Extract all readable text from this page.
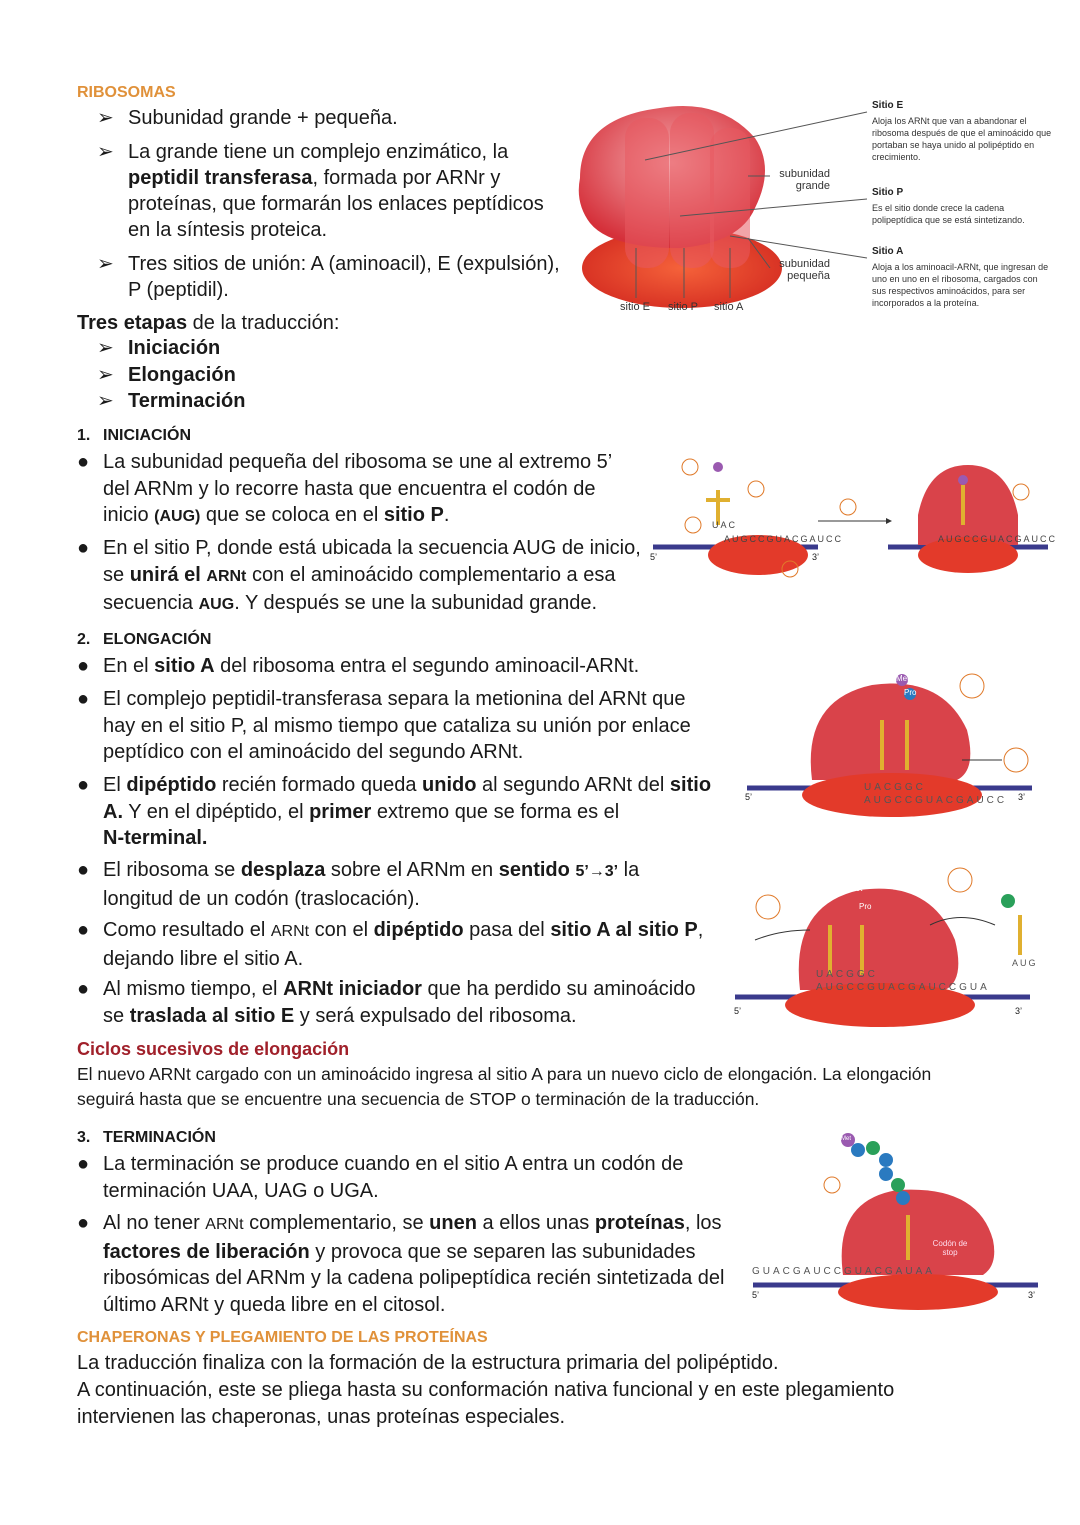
RIBOSOMAS
➢ Subunidad grande + pequeña.
➢ La grande tiene un complejo enzimático, la
peptidil transferasa, formada por ARNr y
proteínas, que formarán los enlaces peptídicos
en la síntesis proteica.
➢ Tres sitios de unión: A (aminoacil), E (expulsión),
P (peptidil).
Tres etapas de la traducción:
➢ Iniciación
➢ Elongación
➢ Terminación
subunidad grande
subunidad pequeña
sitio E sitio P sitio A
Sitio E
Aloja los ARNt que van a abandonar el ribosoma después de que el aminoácido que portaban se haya unido al polipéptido en crecimiento.
Sitio P
Es el sitio donde crece la cadena polipeptídica que se está sintetizando.
Sitio A
Aloja a los aminoacil-ARNt, que ingresan de uno en uno en el ribosoma, cargados con sus respectivos aminoácidos, para ser incorporados a la proteína.
1. INICIACIÓN
● La subunidad pequeña del ribosoma se une al extremo 5’
del ARNm y lo recorre hasta que encuentra el codón de
inicio (AUG) que se coloca en el sitio P.
● En el sitio P, donde está ubicada la secuencia AUG de inicio,
se unirá el ARNt con el aminoácido complementario a esa
secuencia AUG. Y después se une la subunidad grande.
AUGCCGUACGAUCC
UAC
AUGCCGUACGAUCC
5’	3’
2. ELONGACIÓN
● En el sitio A del ribosoma entra el segundo aminoacil-ARNt.
● El complejo peptidil-transferasa separa la metionina del ARNt que
hay en el sitio P, al mismo tiempo que cataliza su unión por enlace
peptídico con el aminoácido del segundo ARNt.
● El dipéptido recién formado queda unido al segundo ARNt del sitio
A. Y en el dipéptido, el primer extremo que se forma es el
N-terminal.
● El ribosoma se desplaza sobre el ARNm en sentido 5’→3’ la
longitud de un codón (traslocación).
● Como resultado el ARNt con el dipéptido pasa del sitio A al sitio P,
dejando libre el sitio A.
● Al mismo tiempo, el ARNt iniciador que ha perdido su aminoácido
se traslada al sitio E y será expulsado del ribosoma.
Met
Pro
UACGGC
AUGCCGUACGAUCC
5’	3’
Met
Pro
UACGGC
AUGCCGUACGAUCCGUA
AUG
5’	3’
Ciclos sucesivos de elongación
El nuevo ARNt cargado con un aminoácido ingresa al sitio A para un nuevo ciclo de elongación. La elongación
seguirá hasta que se encuentre una secuencia de STOP o terminación de la traducción.
3. TERMINACIÓN
● La terminación se produce cuando en el sitio A entra un codón de
terminación UAA, UAG o UGA.
● Al no tener ARNt complementario, se unen a ellos unas proteínas, los
factores de liberación y provoca que se separen las subunidades
ribosómicas del ARNm y la cadena polipeptídica recién sintetizada del
último ARNt y queda libre en el citosol.
Codón de stop
GUACGAUCCGUACGAUAA
5’	3’
Met
CHAPERONAS Y PLEGAMIENTO DE LAS PROTEÍNAS
La traducción finaliza con la formación de la estructura primaria del polipéptido.
A continuación, este se pliega hasta su conformación nativa funcional y en este plegamiento
intervienen las chaperonas, unas proteínas especiales.
